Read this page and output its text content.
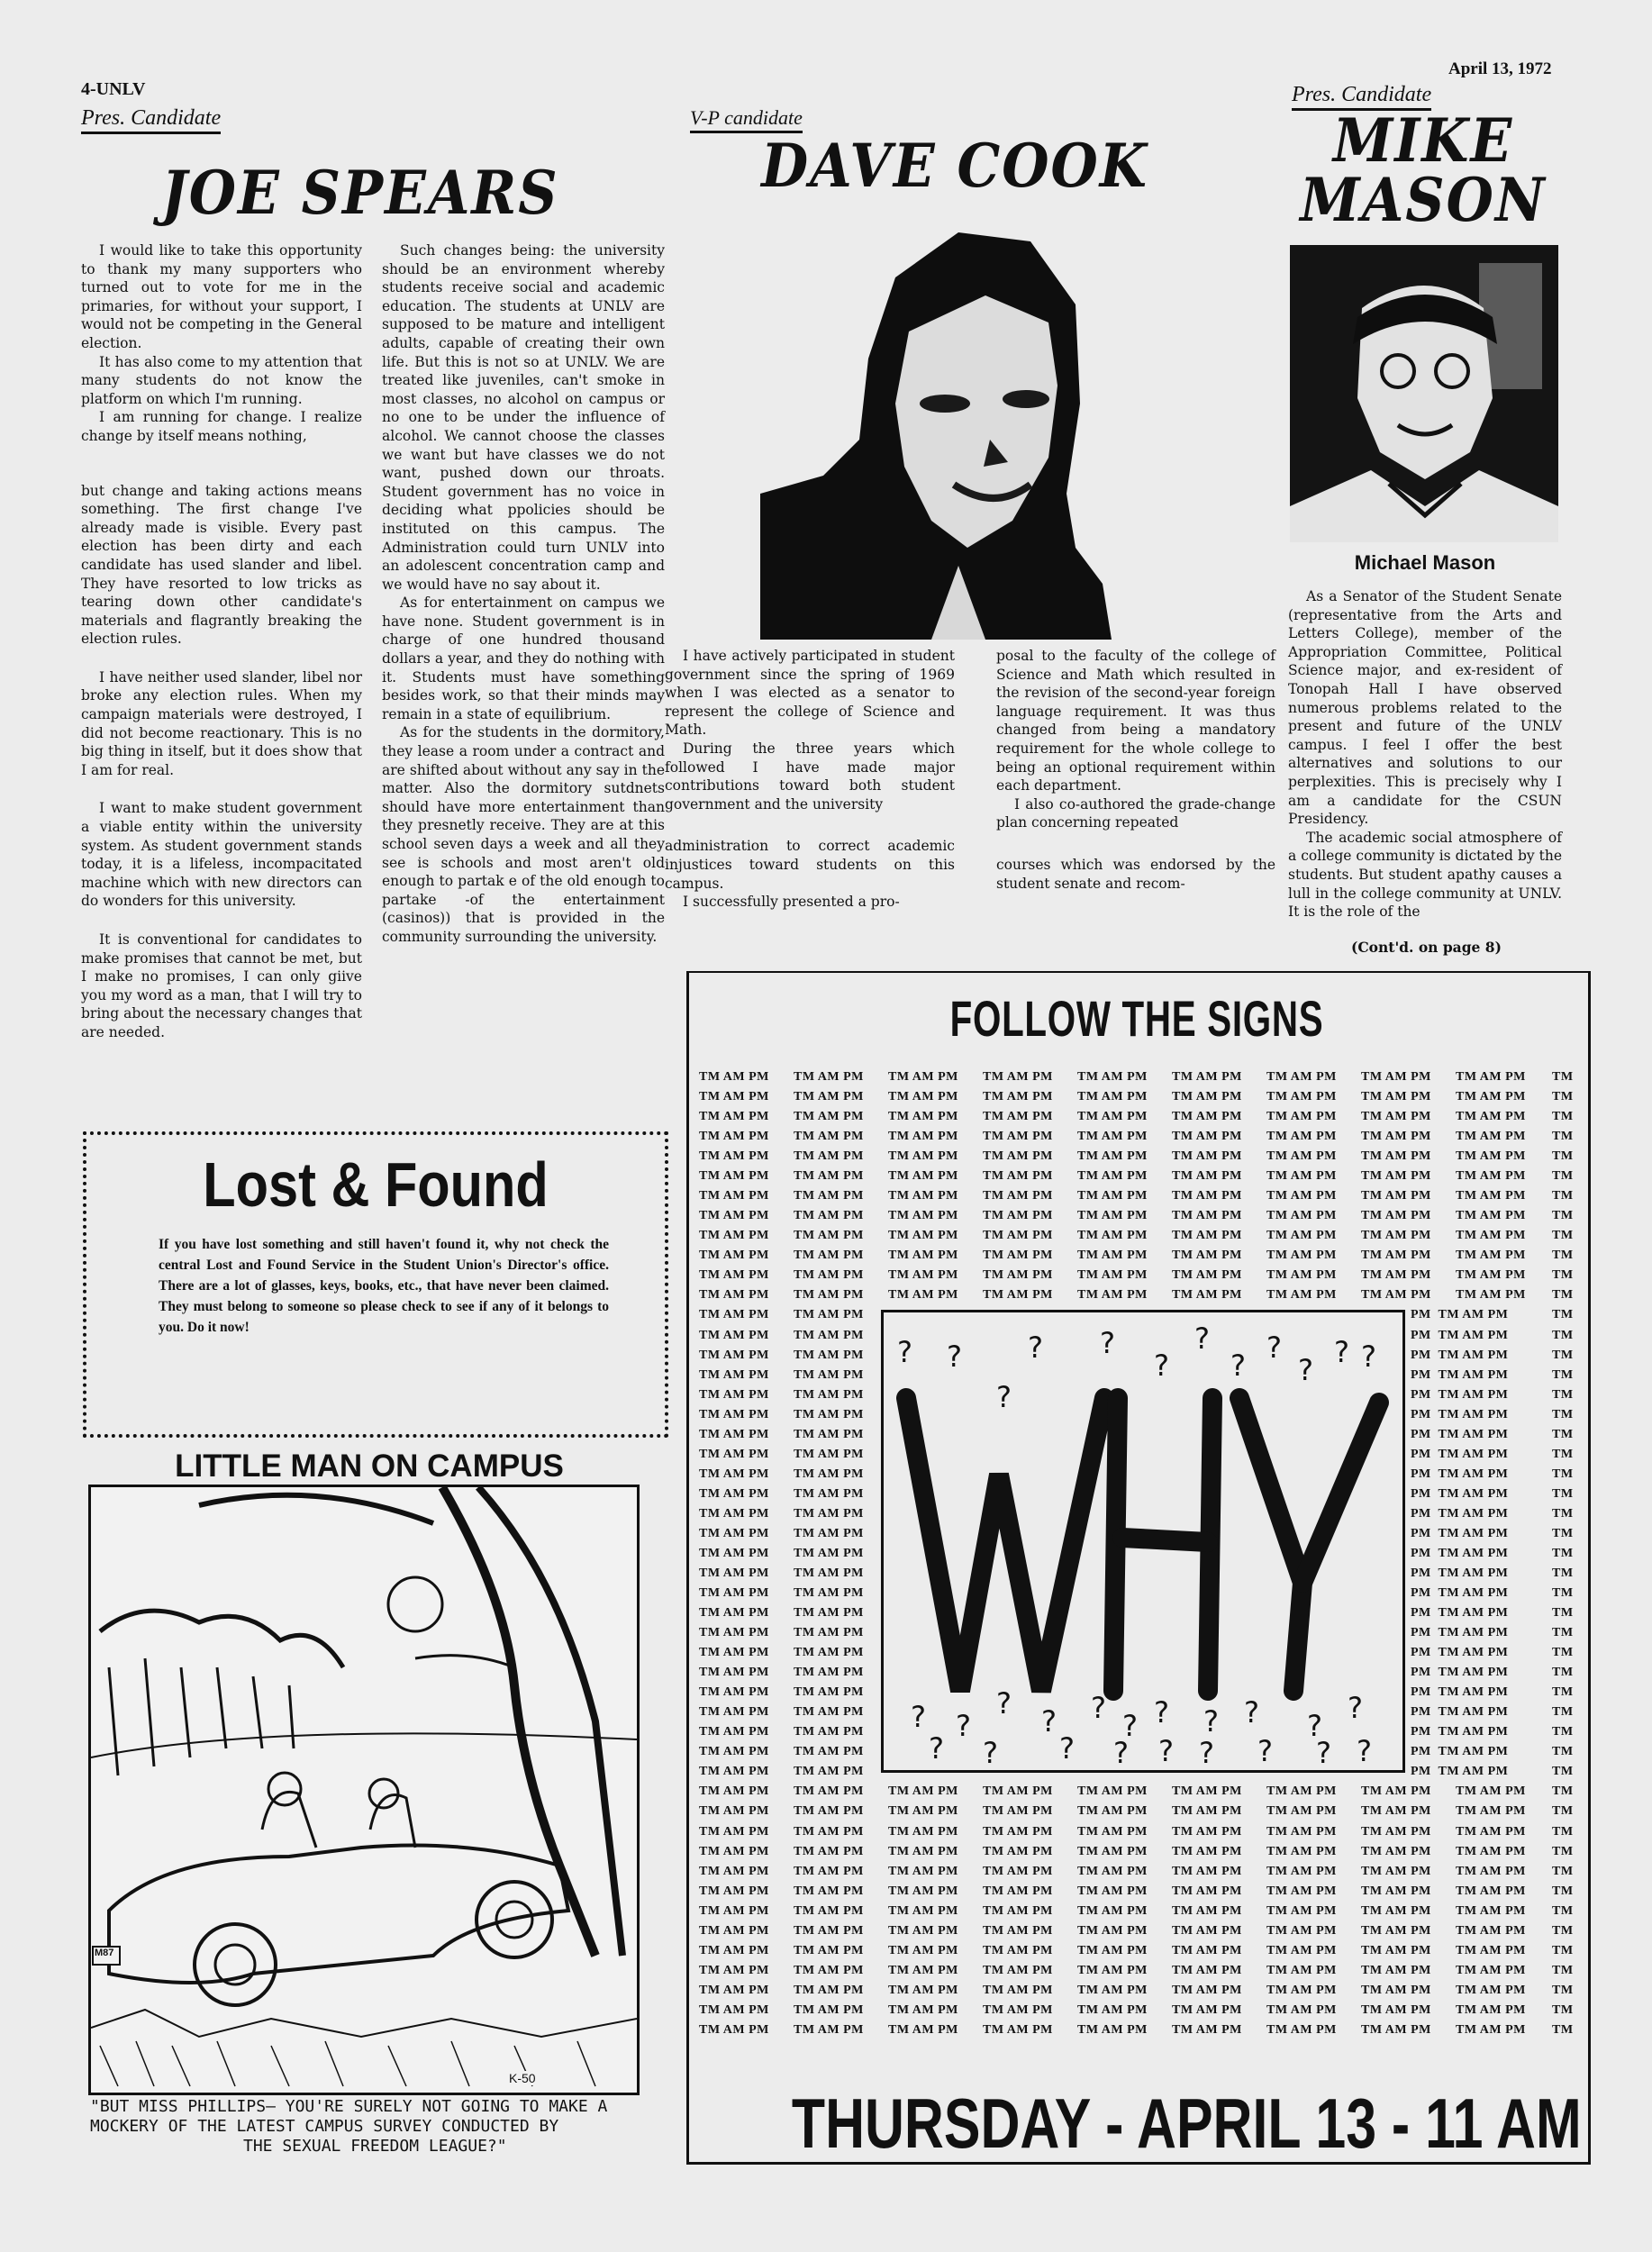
4-UNLV
April 13, 1972
Pres. Candidate
JOE SPEARS

I would like to take this opportunity to thank my many supporters who turned out to vote for me in the primaries, for without your support, I would not be competing in the General election.

It has also come to my attention that many students do not know the platform on which I'm running.

I am running for change. I realize change by itself means nothing,

but change and taking actions means something. The first change I've already made is visible. Every past election has been dirty and each candidate has used slander and libel. They have resorted to low tricks as tearing down other candidate's materials and flagrantly breaking the election rules.

I have neither used slander, libel nor broke any election rules. When my campaign materials were destroyed, I did not become reactionary. This is no big thing in itself, but it does show that I am for real.

I want to make student government a viable entity within the university system. As student government stands today, it is a lifeless, incompacitated machine which with new directors can do wonders for this university.

It is conventional for candidates to make promises that cannot be met, but I make no promises, I can only giive you my word as a man, that I will try to bring about the necessary changes that are needed.

Such changes being: the university should be an environment whereby students receive social and academic education. The students at UNLV are supposed to be mature and intelligent adults, capable of creating their own life. But this is not so at UNLV. We are treated like juveniles, can't smoke in most classes, no alcohol on campus or no one to be under the influence of alcohol. We cannot choose the classes we want but have classes we do not want, pushed down our throats. Student government has no voice in deciding what ppolicies should be instituted on this campus. The Administration could turn UNLV into an adolescent concentration camp and we would have no say about it.

As for entertainment on campus we have none. Student government is in charge of one hundred thousand dollars a year, and they do nothing with it. Students must have something besides work, so that their minds may remain in a state of equilibrium.

As for the students in the dormitory, they lease a room under a contract and are shifted about without any say in the matter. Also the dormitory sutdnets should have more entertainment than they presnetly receive. They are at this school seven days a week and all they see is schools and most aren't old enough to partak e of the old enough to partake -of the entertainment (casinos)) that is provided in the community surrounding the university.

V-P candidate
DAVE COOK

I have actively participated in student government since the spring of 1969 when I was elected as a senator to represent the college of Science and Math.

During the three years which followed I have made major contributions toward both student government and the university

administration to correct academic injustices toward students on this campus.

I successfully presented a pro-

posal to the faculty of the college of Science and Math which resulted in the revision of the second-year foreign language requirement. It was thus changed from being a mandatory requirement for the whole college to being an optional requirement within each department.

I also co-authored the grade-change plan concerning repeated

courses which was endorsed by the student senate and recom-

Pres. Candidate
MIKE
MASON
Michael Mason

As a Senator of the Student Senate (representative from the Arts and Letters College), member of the Appropriation Committee, Political Science major, and ex-resident of Tonopah Hall I have observed numerous problems related to the present and future of the UNLV campus. I feel I offer the best alternatives and solutions to our perplexities. This is precisely why I am a candidate for the CSUN Presidency.

The academic social atmosphere of a college community is dictated by the students. But student apathy causes a lull in the college community at UNLV. It is the role of the

(Cont'd. on page 8)
Lost & Found
If you have lost something and still haven't found it, why not check the central Lost and Found Service in the Student Union's Director's office. There are a lot of glasses, keys, books, etc., that have never been claimed. They must belong to someone so please check to see if any of it belongs to you. Do it now!
LITTLE MAN ON CAMPUS
M87
K-50
"BUT MISS PHILLIPS— YOU'RE SURELY NOT GOING TO MAKE A
MOCKERY OF THE LATEST CAMPUS SURVEY CONDUCTED BY
THE SEXUAL FREEDOM LEAGUE?"
FOLLOW THE SIGNS
TM AM PM TM AM PM TM AM PM TM AM PM TM AM PM TM AM PM TM AM PM TM AM PM TM AM PM TM
TM AM PM TM AM PM TM AM PM TM AM PM TM AM PM TM AM PM TM AM PM TM AM PM TM AM PM TM
TM AM PM TM AM PM TM AM PM TM AM PM TM AM PM TM AM PM TM AM PM TM AM PM TM AM PM TM
TM AM PM TM AM PM TM AM PM TM AM PM TM AM PM TM AM PM TM AM PM TM AM PM TM AM PM TM
TM AM PM TM AM PM TM AM PM TM AM PM TM AM PM TM AM PM TM AM PM TM AM PM TM AM PM TM
TM AM PM TM AM PM TM AM PM TM AM PM TM AM PM TM AM PM TM AM PM TM AM PM TM AM PM TM
TM AM PM TM AM PM TM AM PM TM AM PM TM AM PM TM AM PM TM AM PM TM AM PM TM AM PM TM
TM AM PM TM AM PM TM AM PM TM AM PM TM AM PM TM AM PM TM AM PM TM AM PM TM AM PM TM
TM AM PM TM AM PM TM AM PM TM AM PM TM AM PM TM AM PM TM AM PM TM AM PM TM AM PM TM
TM AM PM TM AM PM TM AM PM TM AM PM TM AM PM TM AM PM TM AM PM TM AM PM TM AM PM TM
TM AM PM TM AM PM TM AM PM TM AM PM TM AM PM TM AM PM TM AM PM TM AM PM TM AM PM TM
TM AM PM TM AM PM TM AM PM TM AM PM TM AM PM TM AM PM TM AM PM TM AM PM TM AM PM TM
TM AM PM TM AM PM	PM  TM AM PM	TM
TM AM PM TM AM PM	PM  TM AM PM	TM
TM AM PM TM AM PM	PM  TM AM PM	TM
TM AM PM TM AM PM	PM  TM AM PM	TM
TM AM PM TM AM PM	PM  TM AM PM	TM
TM AM PM TM AM PM	PM  TM AM PM	TM
TM AM PM TM AM PM	PM  TM AM PM	TM
TM AM PM TM AM PM	PM  TM AM PM	TM
TM AM PM TM AM PM	PM  TM AM PM	TM
TM AM PM TM AM PM	PM  TM AM PM	TM
TM AM PM TM AM PM	PM  TM AM PM	TM
TM AM PM TM AM PM	PM  TM AM PM	TM
TM AM PM TM AM PM	PM  TM AM PM	TM
TM AM PM TM AM PM	PM  TM AM PM	TM
TM AM PM TM AM PM	PM  TM AM PM	TM
TM AM PM TM AM PM	PM  TM AM PM	TM
TM AM PM TM AM PM	PM  TM AM PM	TM
TM AM PM TM AM PM	PM  TM AM PM	TM
TM AM PM TM AM PM	PM  TM AM PM	TM
TM AM PM TM AM PM	PM  TM AM PM	TM
TM AM PM TM AM PM	PM  TM AM PM	TM
TM AM PM TM AM PM	PM  TM AM PM	TM
TM AM PM TM AM PM	PM  TM AM PM	TM
TM AM PM TM AM PM	PM  TM AM PM	TM
TM AM PM TM AM PM TM AM PM TM AM PM TM AM PM TM AM PM TM AM PM TM AM PM TM AM PM TM
TM AM PM TM AM PM TM AM PM TM AM PM TM AM PM TM AM PM TM AM PM TM AM PM TM AM PM TM
TM AM PM TM AM PM TM AM PM TM AM PM TM AM PM TM AM PM TM AM PM TM AM PM TM AM PM TM
TM AM PM TM AM PM TM AM PM TM AM PM TM AM PM TM AM PM TM AM PM TM AM PM TM AM PM TM
TM AM PM TM AM PM TM AM PM TM AM PM TM AM PM TM AM PM TM AM PM TM AM PM TM AM PM TM
TM AM PM TM AM PM TM AM PM TM AM PM TM AM PM TM AM PM TM AM PM TM AM PM TM AM PM TM
TM AM PM TM AM PM TM AM PM TM AM PM TM AM PM TM AM PM TM AM PM TM AM PM TM AM PM TM
TM AM PM TM AM PM TM AM PM TM AM PM TM AM PM TM AM PM TM AM PM TM AM PM TM AM PM TM
TM AM PM TM AM PM TM AM PM TM AM PM TM AM PM TM AM PM TM AM PM TM AM PM TM AM PM TM
TM AM PM TM AM PM TM AM PM TM AM PM TM AM PM TM AM PM TM AM PM TM AM PM TM AM PM TM
TM AM PM TM AM PM TM AM PM TM AM PM TM AM PM TM AM PM TM AM PM TM AM PM TM AM PM TM
TM AM PM TM AM PM TM AM PM TM AM PM TM AM PM TM AM PM TM AM PM TM AM PM TM AM PM TM
TM AM PM TM AM PM TM AM PM TM AM PM TM AM PM TM AM PM TM AM PM TM AM PM TM AM PM TM
? ?
?
? ?
?
?
?
?
?
? ?
?
?
?
?
?
?
?
?
?
?
?
?
?
?
?
?
?
?
?
?
THURSDAY - APRIL 13 - 11 AM
